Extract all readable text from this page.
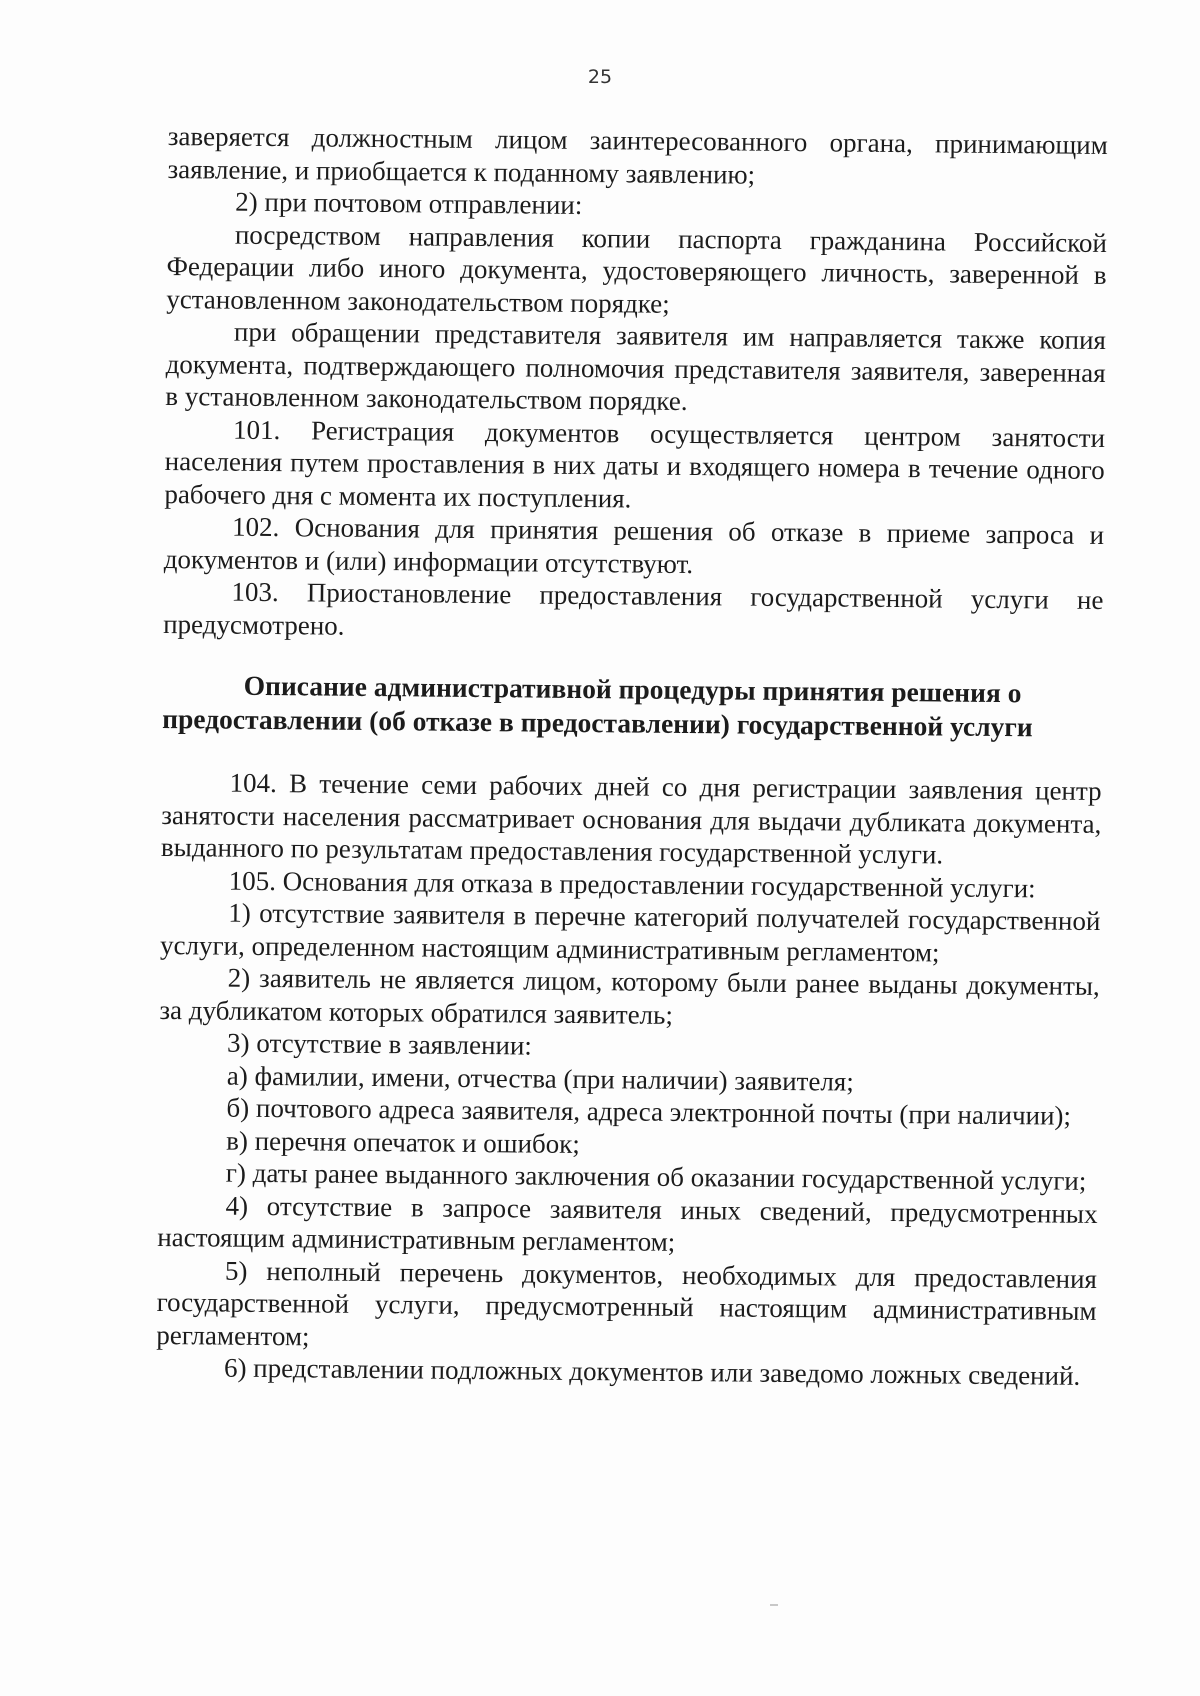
25

заверяется должностным лицом заинтересованного органа, принимающим заявление, и приобщается к поданному заявлению;

2) при почтовом отправлении:

посредством направления копии паспорта гражданина Российской Федерации либо иного документа, удостоверяющего личность, заверенной в установленном законодательством порядке;

при обращении представителя заявителя им направляется также копия документа, подтверждающего полномочия представителя заявителя, заверенная в установленном законодательством порядке.

101. Регистрация документов осуществляется центром занятости населения путем проставления в них даты и входящего номера в течение одного рабочего дня с момента их поступления.

102. Основания для принятия решения об отказе в приеме запроса и документов и (или) информации отсутствуют.

103. Приостановление предоставления государственной услуги не предусмотрено.

Описание административной процедуры принятия решения о предоставлении (об отказе в предоставлении) государственной услуги

104. В течение семи рабочих дней со дня регистрации заявления центр занятости населения рассматривает основания для выдачи дубликата документа, выданного по результатам предоставления государственной услуги.

105. Основания для отказа в предоставлении государственной услуги:

1) отсутствие заявителя в перечне категорий получателей государственной услуги, определенном настоящим административным регламентом;

2) заявитель не является лицом, которому были ранее выданы документы, за дубликатом которых обратился заявитель;

3) отсутствие в заявлении:

а) фамилии, имени, отчества (при наличии) заявителя;

б) почтового адреса заявителя, адреса электронной почты (при наличии);

в) перечня опечаток и ошибок;

г) даты ранее выданного заключения об оказании государственной услуги;

4) отсутствие в запросе заявителя иных сведений, предусмотренных настоящим административным регламентом;

5) неполный перечень документов, необходимых для предоставления государственной услуги, предусмотренный настоящим административным регламентом;

6) представлении подложных документов или заведомо ложных сведений.
